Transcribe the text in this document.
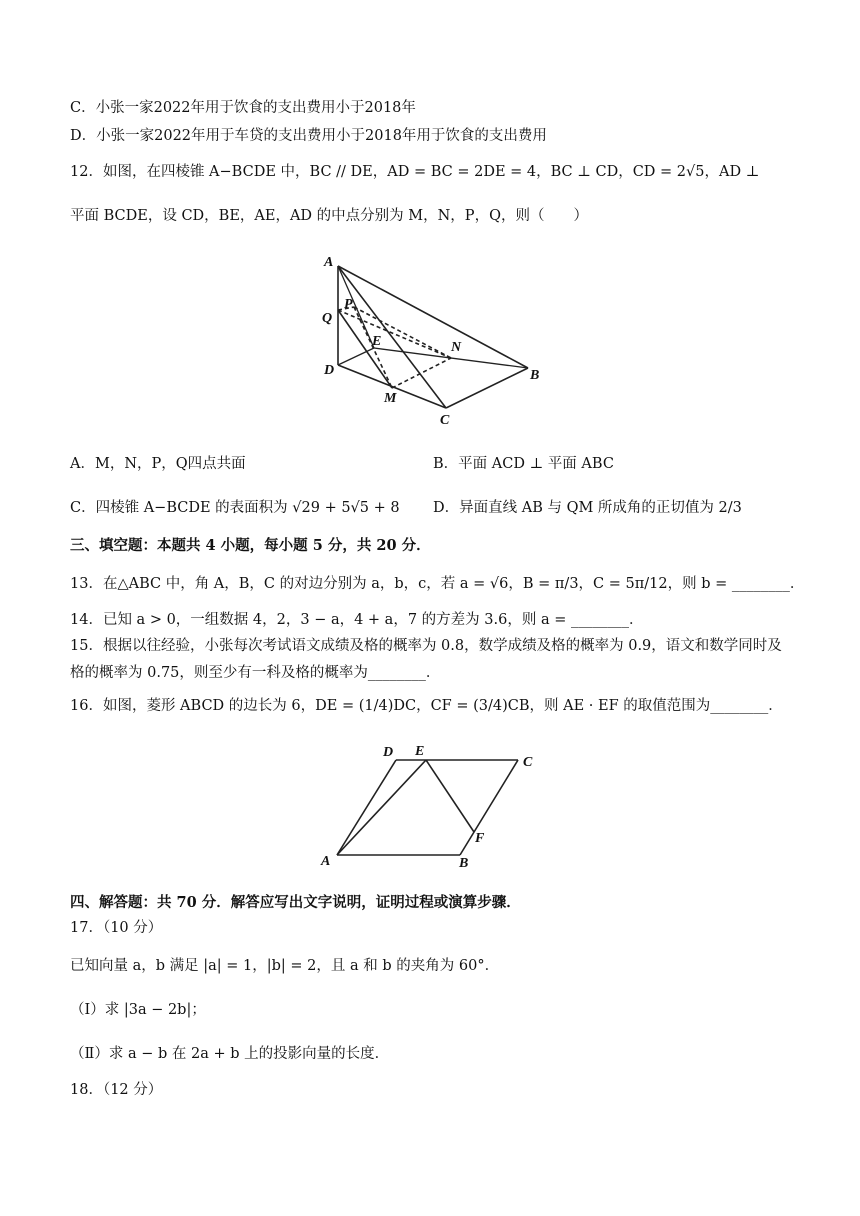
C．小张一家2022年用于饮食的支出费用小于2018年
D．小张一家2022年用于车贷的支出费用小于2018年用于饮食的支出费用
12．如图，在四棱锥 A−BCDE 中，BC // DE，AD = BC = 2DE = 4，BC ⊥ CD，CD = 2√5，AD ⊥
平面 BCDE，设 CD，BE，AE，AD 的中点分别为 M，N，P，Q，则（　　）
A
P
Q
E	N
D
M
C
B
A．M，N，P，Q四点共面	B．平面 ACD ⊥ 平面 ABC
C．四棱锥 A−BCDE 的表面积为 √29 + 5√5 + 8 D．异面直线 AB 与 QM 所成角的正切值为 2/3
三、填空题：本题共 4 小题，每小题 5 分，共 20 分．
13．在△ABC 中，角 A，B，C 的对边分别为 a，b，c，若 a = √6，B = π/3，C = 5π/12，则 b = ________．
14．已知 a > 0，一组数据 4，2，3 − a，4 + a，7 的方差为 3.6，则 a = ________．
15．根据以往经验，小张每次考试语文成绩及格的概率为 0.8，数学成绩及格的概率为 0.9，语文和数学同时及
格的概率为 0.75，则至少有一科及格的概率为________．
16．如图，菱形 ABCD 的边长为 6，DE = (1/4)DC，CF = (3/4)CB，则 AE · EF 的取值范围为________．
D E
C
F
A	B
四、解答题：共 70 分．解答应写出文字说明，证明过程或演算步骤．
17．（10 分）
已知向量 a，b 满足 |a| = 1，|b| = 2，且 a 和 b 的夹角为 60°．
（Ⅰ）求 |3a − 2b|；
（Ⅱ）求 a − b 在 2a + b 上的投影向量的长度．
18．（12 分）
